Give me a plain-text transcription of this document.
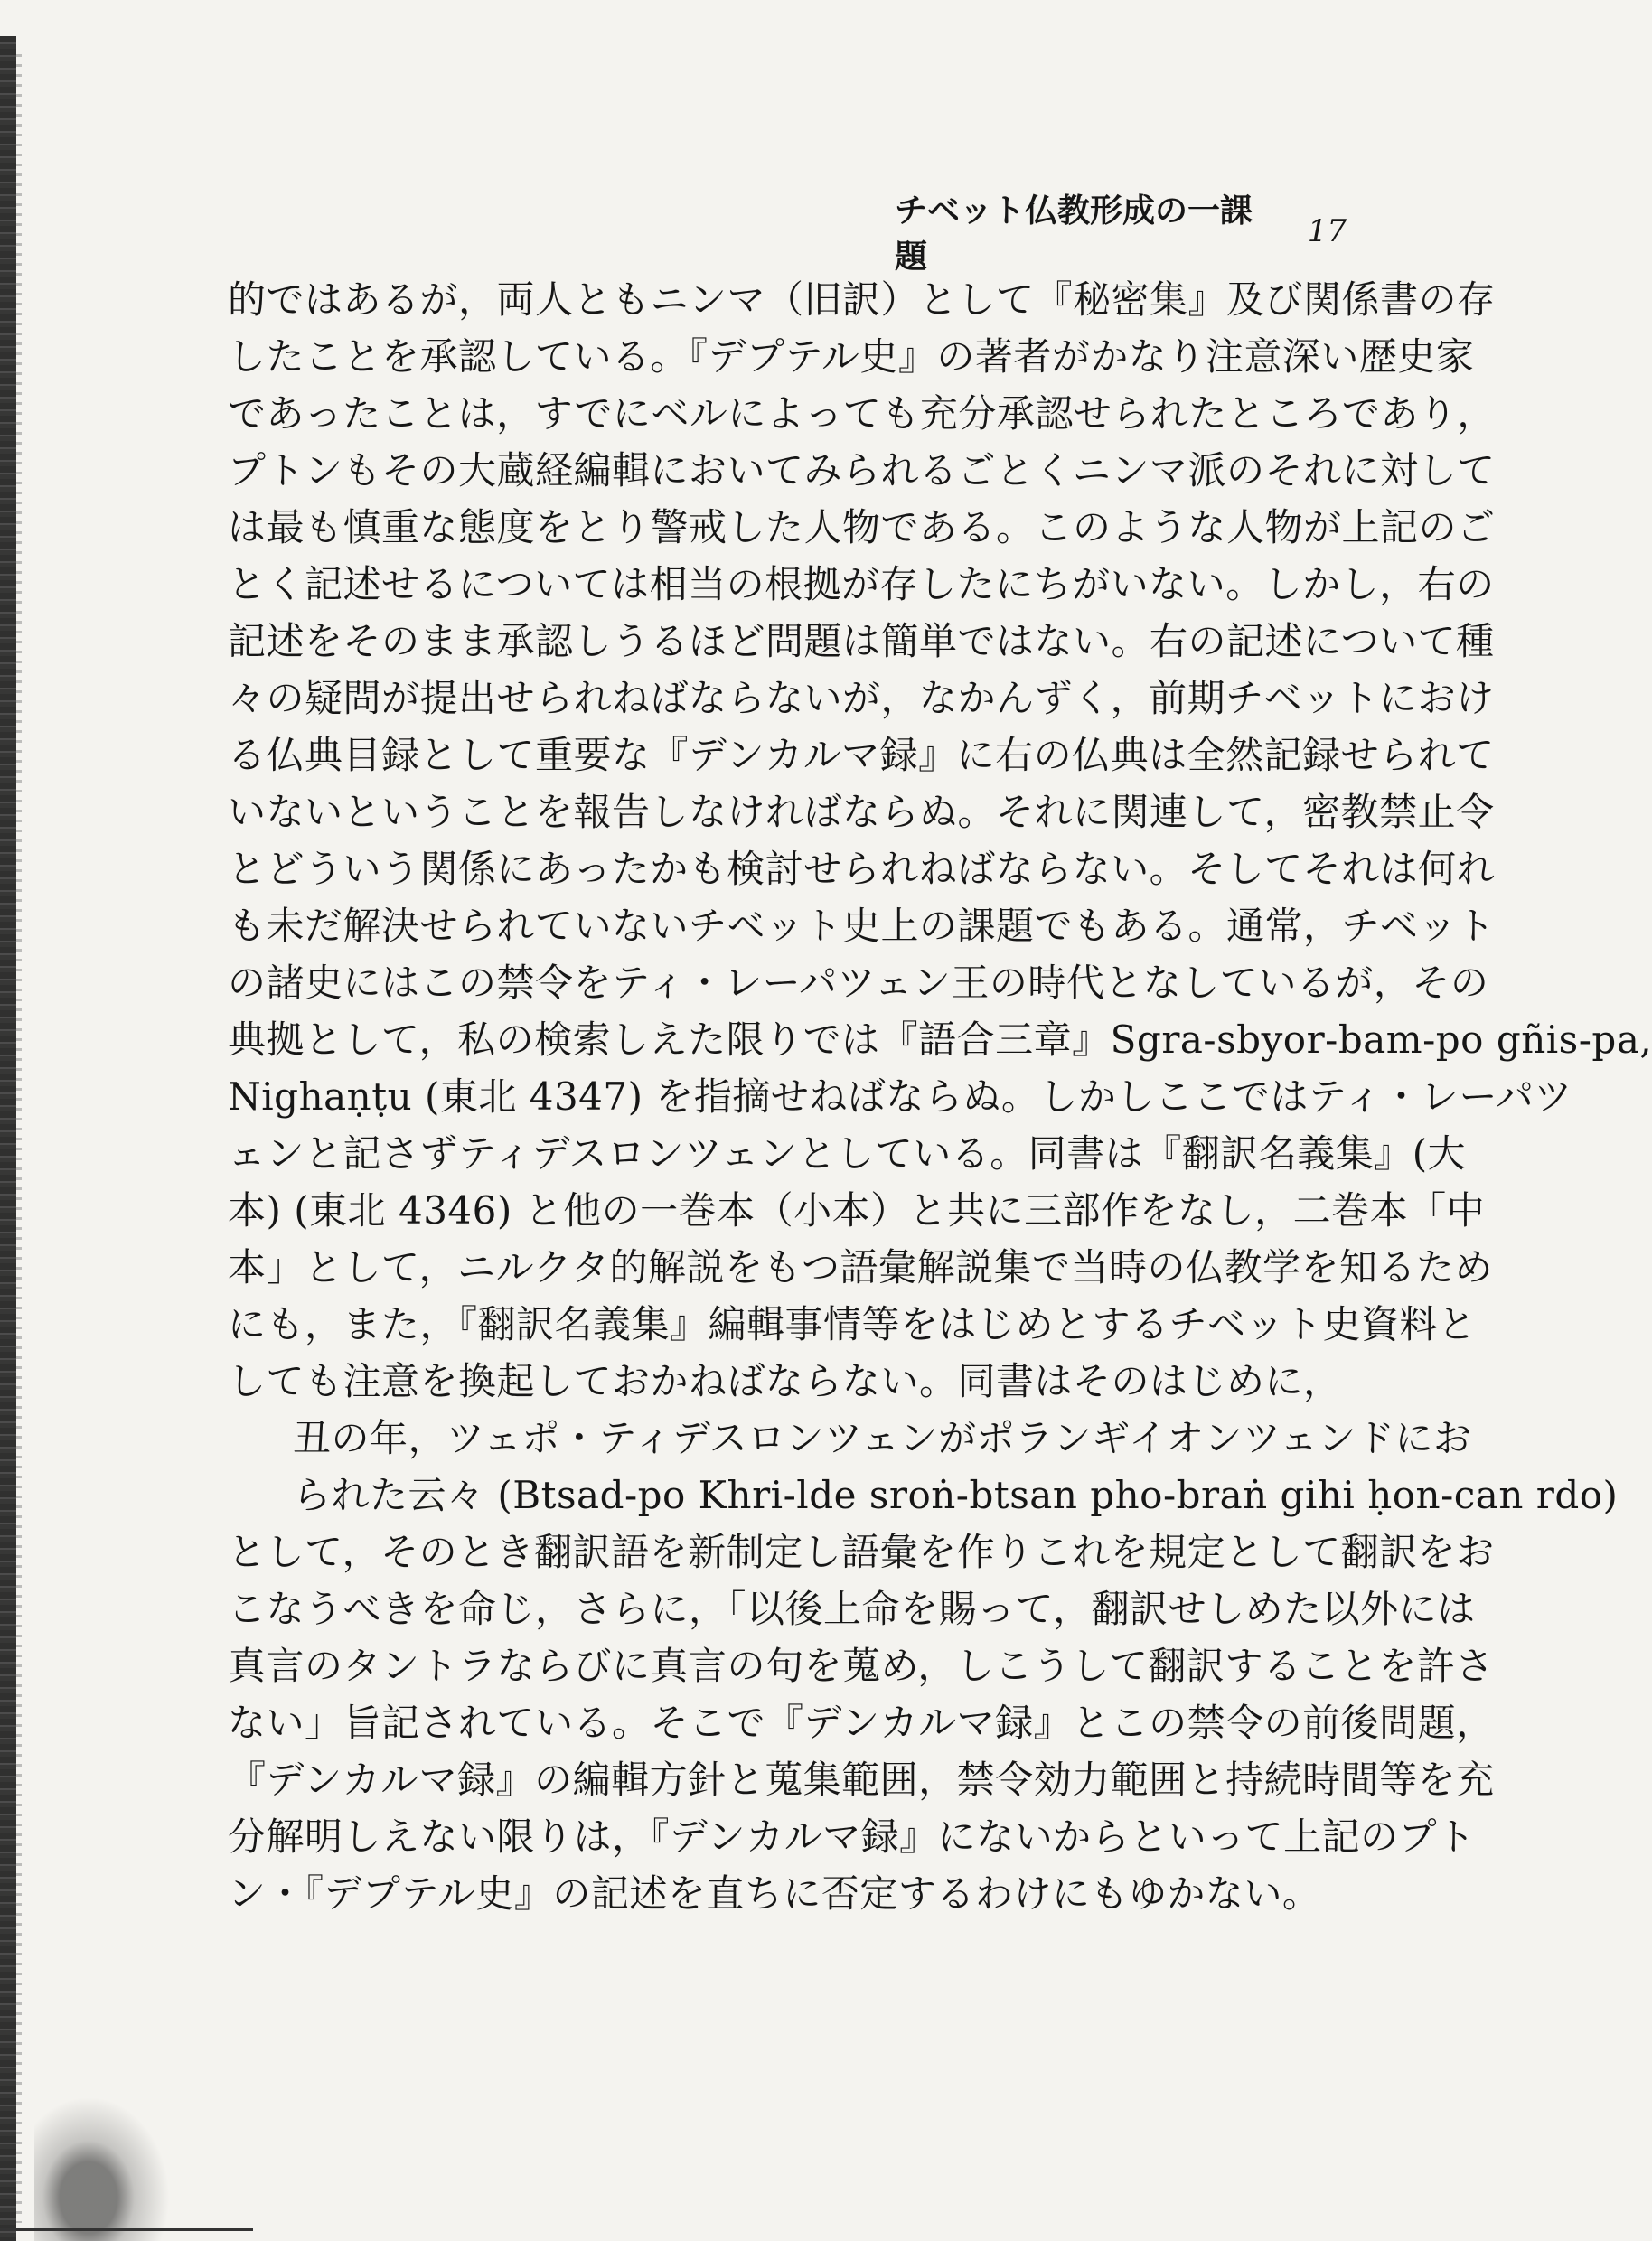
チベット仏教形成の一課題
17
的ではあるが，両人ともニンマ（旧訳）として『秘密集』及び関係書の存
したことを承認している。『デプテル史』の著者がかなり注意深い歴史家
であったことは，すでにベルによっても充分承認せられたところであり，
プトンもその大蔵経編輯においてみられるごとくニンマ派のそれに対して
は最も慎重な態度をとり警戒した人物である。このような人物が上記のご
とく記述せるについては相当の根拠が存したにちがいない。しかし，右の
記述をそのまま承認しうるほど問題は簡単ではない。右の記述について種
々の疑問が提出せられねばならないが，なかんずく，前期チベットにおけ
る仏典目録として重要な『デンカルマ録』に右の仏典は全然記録せられて
いないということを報告しなければならぬ。それに関連して，密教禁止令
とどういう関係にあったかも検討せられねばならない。そしてそれは何れ
も未だ解決せられていないチベット史上の課題でもある。通常，チベット
の諸史にはこの禁令をティ・レーパツェン王の時代となしているが，その
典拠として，私の検索しえた限りでは『語合三章』Sgra-sbyor-bam-po gñis-pa,
Nighaṇṭu (東北 4347) を指摘せねばならぬ。しかしここではティ・レーパツ
ェンと記さずティデスロンツェンとしている。同書は『翻訳名義集』(大
本) (東北 4346) と他の一巻本（小本）と共に三部作をなし，二巻本「中
本」として，ニルクタ的解説をもつ語彙解説集で当時の仏教学を知るため
にも，また，『翻訳名義集』編輯事情等をはじめとするチベット史資料と
しても注意を換起しておかねばならない。同書はそのはじめに，
丑の年，ツェポ・ティデスロンツェンがポランギイオンツェンドにお
られた云々 (Btsad-po Khri-lde sroṅ-btsan pho-braṅ gihi ḥon-can rdo)
として，そのとき翻訳語を新制定し語彙を作りこれを規定として翻訳をお
こなうべきを命じ，さらに，「以後上命を賜って，翻訳せしめた以外には
真言のタントラならびに真言の句を蒐め，しこうして翻訳することを許さ
ない」旨記されている。そこで『デンカルマ録』とこの禁令の前後問題，
『デンカルマ録』の編輯方針と蒐集範囲，禁令効力範囲と持続時間等を充
分解明しえない限りは，『デンカルマ録』にないからといって上記のプト
ン・『デプテル史』の記述を直ちに否定するわけにもゆかない。
